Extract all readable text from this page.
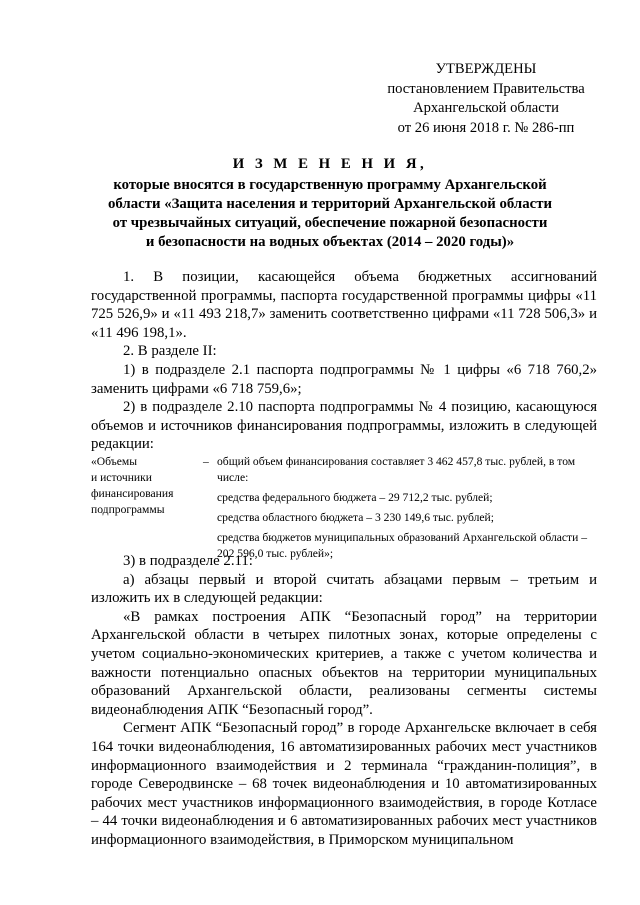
УТВЕРЖДЕНЫ
постановлением Правительства
Архангельской области
от 26 июня 2018 г. № 286-пп
И З М Е Н Е Н И Я,
которые вносятся в государственную программу Архангельской
области «Защита населения и территорий Архангельской области
от чрезвычайных ситуаций, обеспечение пожарной безопасности
и безопасности на водных объектах (2014 – 2020 годы)»

1. В позиции, касающейся объема бюджетных ассигнований государственной программы, паспорта государственной программы цифры «11 725 526,9» и «11 493 218,7» заменить соответственно цифрами «11 728 506,3» и «11 496 198,1».

2. В разделе II:

1) в подразделе 2.1 паспорта подпрограммы № 1 цифры «6 718 760,2» заменить цифрами «6 718 759,6»;

2) в подразделе 2.10 паспорта подпрограммы № 4 позицию, касающуюся объемов и источников финансирования подпрограммы, изложить в следующей редакции:

«Объемы
и источники
финансирования
подпрограммы
– общий объем финансирования составляет 3 462 457,8 тыс. рублей, в том числе:
средства федерального бюджета – 29 712,2 тыс. рублей;
средства областного бюджета – 3 230 149,6 тыс. рублей;
средства бюджетов муниципальных образований Архангельской области – 202 596,0 тыс. рублей»;

3) в подразделе 2.11:

а) абзацы первый и второй считать абзацами первым – третьим и изложить их в следующей редакции:

«В рамках построения АПК “Безопасный город” на территории Архангельской области в четырех пилотных зонах, которые определены с учетом социально-экономических критериев, а также с учетом количества и важности потенциально опасных объектов на территории муниципальных образований Архангельской области, реализованы сегменты системы видеонаблюдения АПК “Безопасный город”.

Сегмент АПК “Безопасный город” в городе Архангельске включает в себя 164 точки видеонаблюдения, 16 автоматизированных рабочих мест участников информационного взаимодействия и 2 терминала “гражданин-полиция”, в городе Северодвинске – 68 точек видеонаблюдения и 10 автоматизированных рабочих мест участников информационного взаимодействия, в городе Котласе – 44 точки видеонаблюдения и 6 автоматизированных рабочих мест участников информационного взаимодействия, в Приморском муниципальном
